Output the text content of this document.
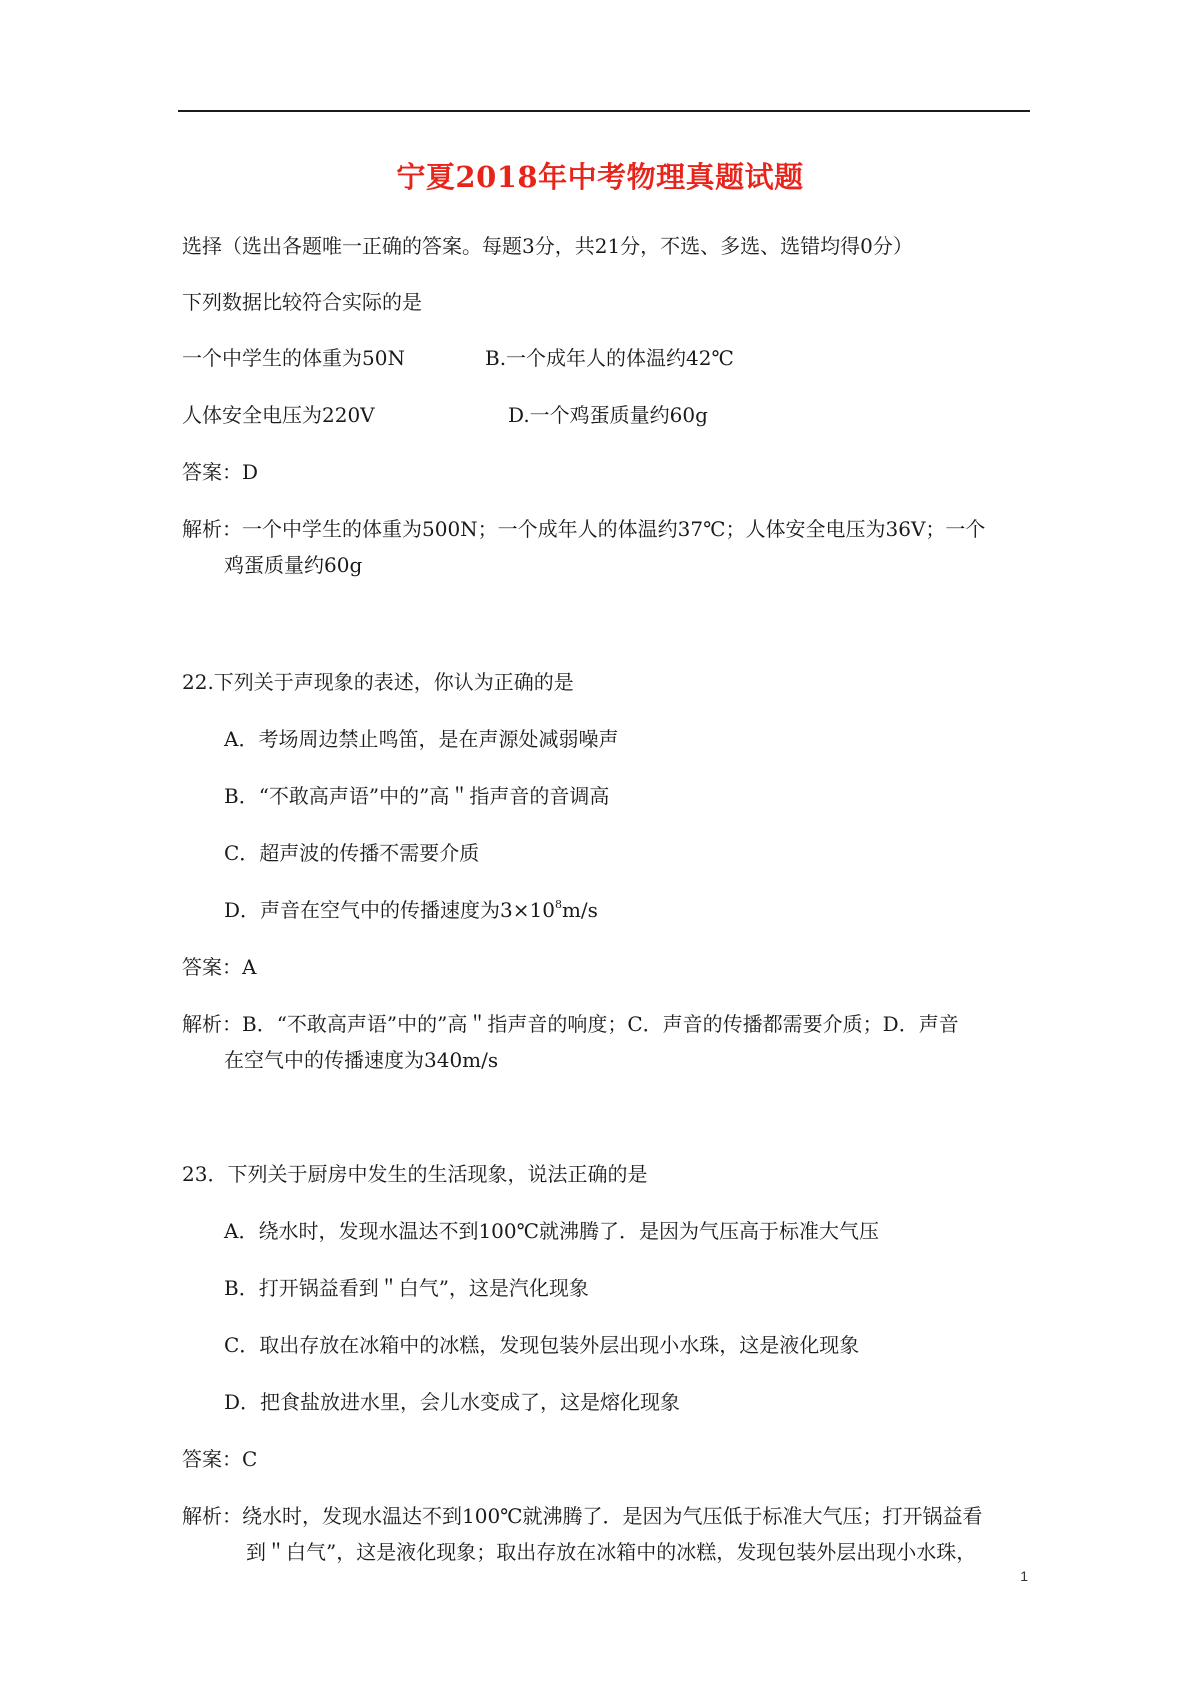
宁夏2018年中考物理真题试题
选择（选出各题唯一正确的答案。每题3分，共21分，不选、多选、选错均得0分）
下列数据比较符合实际的是
一个中学生的体重为50N	B.一个成年人的体温约42℃
人体安全电压为220V	D.一个鸡蛋质量约60g
答案：D
解析：一个中学生的体重为500N；一个成年人的体温约37℃；人体安全电压为36V；一个
鸡蛋质量约60g
22.下列关于声现象的表述，你认为正确的是
A．考场周边禁止鸣笛，是在声源处减弱噪声
B．“不敢高声语”中的”高＂指声音的音调高
C．超声波的传播不需要介质
D．声音在空气中的传播速度为$3\times 10^8m/s$
答案：A
解析：B．“不敢高声语”中的”高＂指声音的响度；C．声音的传播都需要介质；D．声音
在空气中的传播速度为340m/s
23．下列关于厨房中发生的生活现象，说法正确的是
A．绕水时，发现水温达不到100℃就沸腾了．是因为气压高于标准大气压
B．打开锅益看到＂白气”，这是汽化现象
C．取出存放在冰箱中的冰糕，发现包装外层出现小水珠，这是液化现象
D．把食盐放进水里，会儿水变成了，这是熔化现象
答案：C
解析：绕水时，发现水温达不到100℃就沸腾了．是因为气压低于标准大气压；打开锅益看
到＂白气”，这是液化现象；取出存放在冰箱中的冰糕，发现包装外层出现小水珠，
1
